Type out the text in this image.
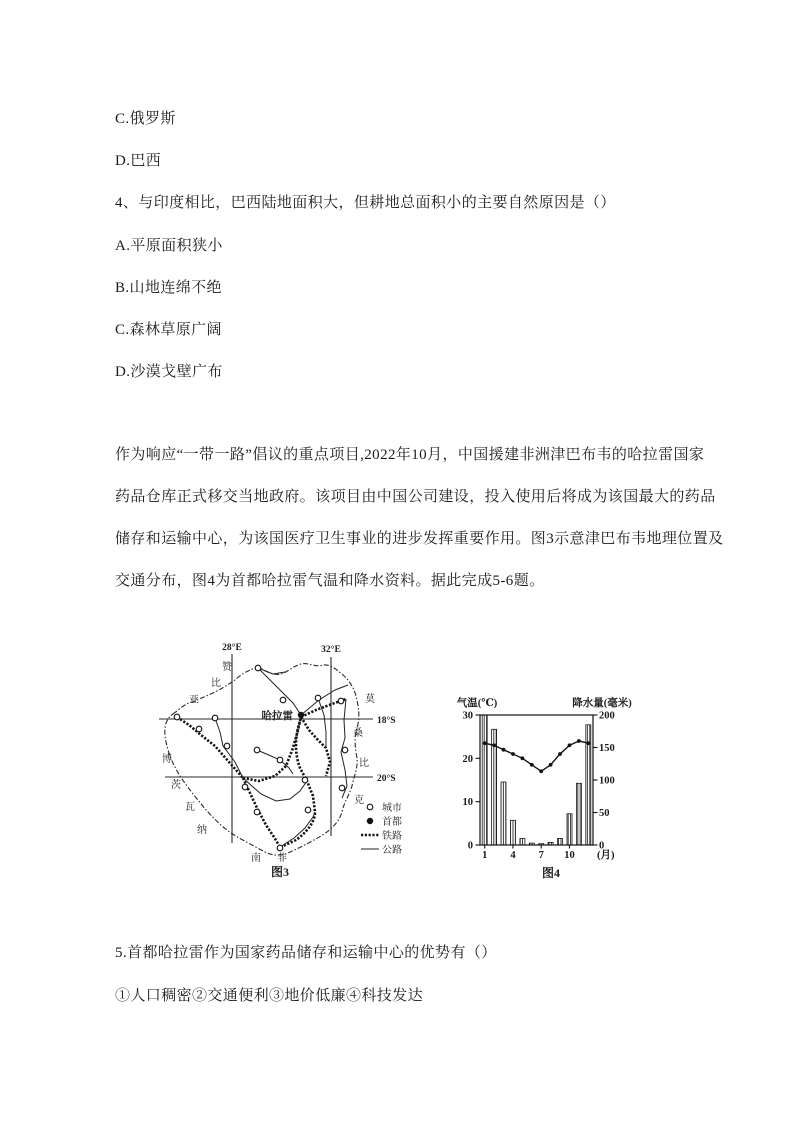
C.俄罗斯
D.巴西
4、与印度相比，巴西陆地面积大，但耕地总面积小的主要自然原因是（）
A.平原面积狭小
B.山地连绵不绝
C.森林草原广阔
D.沙漠戈壁广布
作为响应“一带一路”倡议的重点项目,2022年10月，中国援建非洲津巴布韦的哈拉雷国家
药品仓库正式移交当地政府。该项目由中国公司建设，投入使用后将成为该国最大的药品
储存和运输中心，为该国医疗卫生事业的进步发挥重要作用。图3示意津巴布韦地理位置及
交通分布，图4为首都哈拉雷气温和降水资料。据此完成5-6题。
28°E	32°E
18°S
20°S
哈拉雷
赞
比
亚	莫
桑
比
克
博
茨
瓦
纳
南 非
城市
首都
铁路
公路
图3
气温(℃)	降水量(毫米)
30
20
10
0
200
150
100
50
0
1 4 7 10 (月)
图4
5.首都哈拉雷作为国家药品储存和运输中心的优势有（）
①人口稠密②交通便利③地价低廉④科技发达
